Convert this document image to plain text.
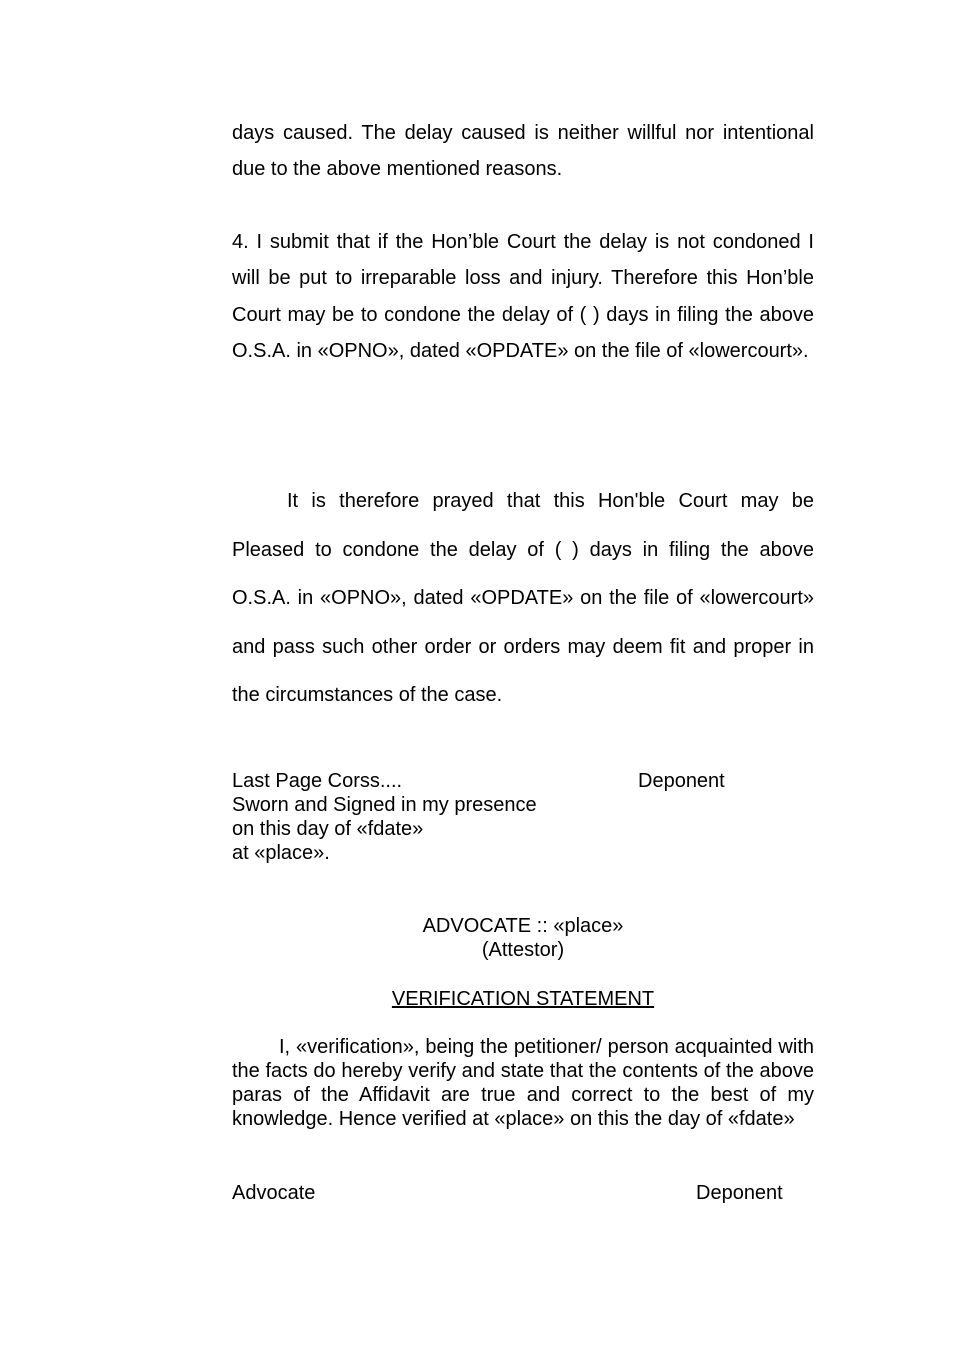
days caused. The delay caused is neither willful nor intentional due to the above mentioned reasons.
4. I submit that if the Hon’ble Court the delay is not condoned I will be put to irreparable loss and injury. Therefore this Hon’ble Court may be to condone the delay of ( ) days in filing the above O.S.A. in «OPNO», dated «OPDATE» on the file of «lowercourt».
It is therefore prayed that this Hon'ble Court may be Pleased to condone the delay of ( ) days in filing the above O.S.A. in «OPNO», dated «OPDATE» on the file of «lowercourt» and pass such other order or orders may deem fit and proper in the circumstances of the case.
Last Page Corss....
Sworn and Signed in my presence
on this day of «fdate»
at «place».
Deponent
ADVOCATE :: «place»
(Attestor)
VERIFICATION STATEMENT
I, «verification», being the petitioner/ person acquainted with the facts do hereby verify and state that the contents of the above paras of the Affidavit are true and correct to the best of my knowledge. Hence verified at «place» on this the day of «fdate»
Advocate	Deponent
